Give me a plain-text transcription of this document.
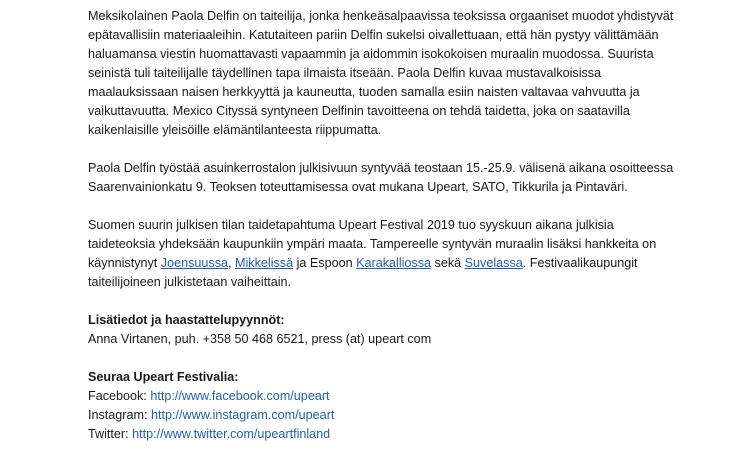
Meksikolainen Paola Delfin on taiteilija, jonka henkeäsalpaavissa teoksissa orgaaniset muodot yhdistyvät
epätavallisiin materiaaleihin. Katutaiteen pariin Delfin sukelsi oivallettuaan, että hän pystyy välittämään
haluamansa viestin huomattavasti vapaammin ja aidommin isokokoisen muraalin muodossa. Suurista
seinistä tuli taiteilijalle täydellinen tapa ilmaista itseään. Paola Delfin kuvaa mustavalkoisissa
maalauksissaan naisen herkkyyttä ja kauneutta, tuoden samalla esiin naisten valtavaa vahvuutta ja
vaikuttavuutta. Mexico Cityssä syntyneen Delfinin tavoitteena on tehdä taidetta, joka on saatavilla
kaikenlaisille yleisöille elämäntilanteesta riippumatta.

Paola Delfin työstää asuinkerrostalon julkisivuun syntyvää teostaan 15.-25.9. välisenä aikana osoitteessa
Saarenvainionkatu 9. Teoksen toteuttamisessa ovat mukana Upeart, SATO, Tikkurila ja Pintaväri.

Suomen suurin julkisen tilan taidetapahtuma Upeart Festival 2019 tuo syyskuun aikana julkisia
taideteoksia yhdeksään kaupunkiin ympäri maata. Tampereelle syntyvän muraalin lisäksi hankkeita on
käynnistynyt Joensuussa, Mikkelissä ja Espoon Karakalliossa sekä Suvelassa. Festivaalikaupungit
taiteilijoineen julkistetaan vaiheittain.

Lisätiedot ja haastattelupyynnöt:
Anna Virtanen, puh. +358 50 468 6521, press (at) upeart com

Seuraa Upeart Festivalia:
Facebook: http://www.facebook.com/upeart
Instagram: http://www.instagram.com/upeart
Twitter: http://www.twitter.com/upeartfinland
